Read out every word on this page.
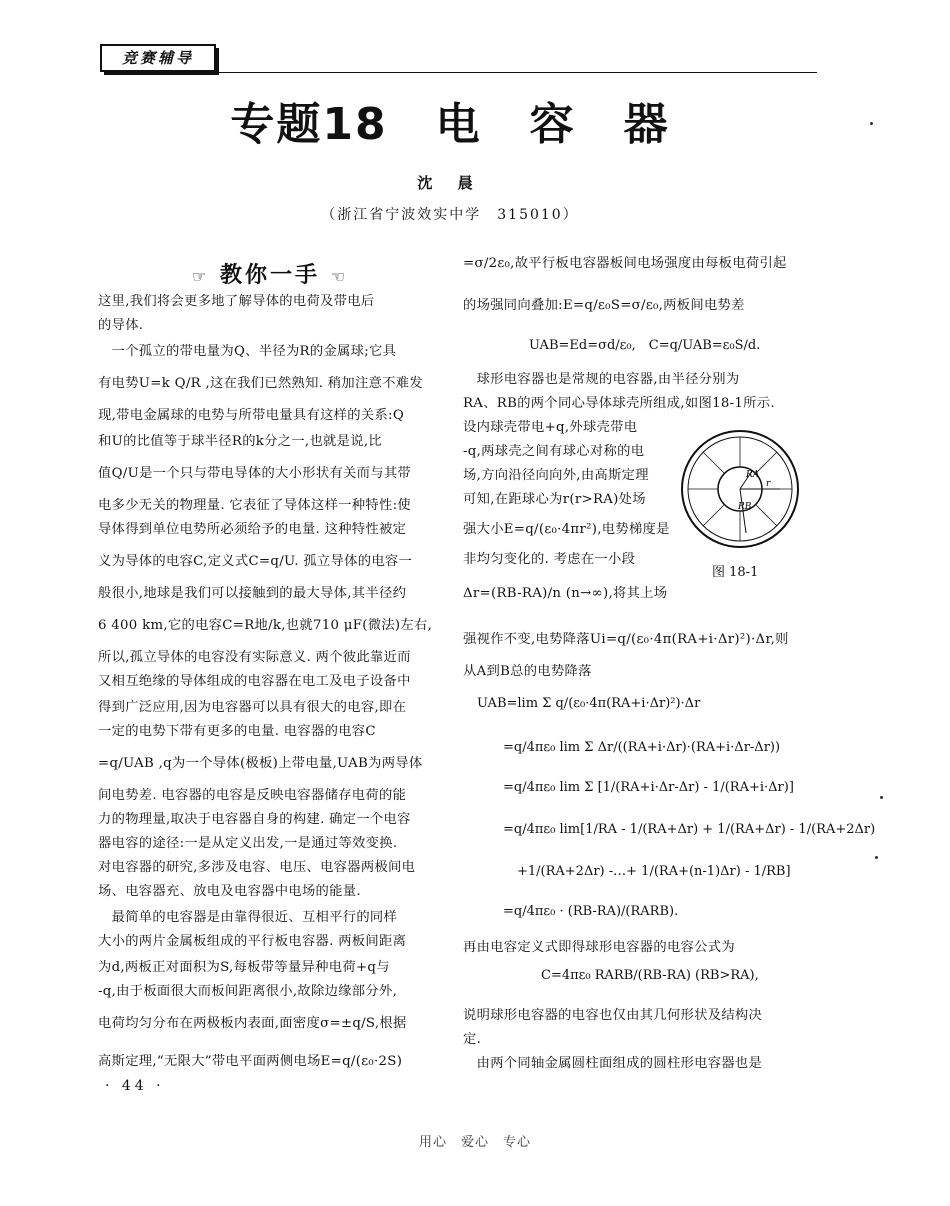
竞赛辅导
专题18 电 容 器
沈 晨
（浙江省宁波效实中学　315010）
☞ 教你一手 ☜
这里,我们将会更多地了解导体的电荷及带电后
的导体.
　一个孤立的带电量为Q、半径为R的金属球;它具
有电势U=k Q/R ,这在我们已然熟知. 稍加注意不难发
现,带电金属球的电势与所带电量具有这样的关系:Q
和U的比值等于球半径R的k分之一,也就是说,比
值Q/U是一个只与带电导体的大小形状有关而与其带
电多少无关的物理量. 它表征了导体这样一种特性:使
导体得到单位电势所必须给予的电量. 这种特性被定
义为导体的电容C,定义式C=q/U. 孤立导体的电容一
般很小,地球是我们可以接触到的最大导体,其半径约
6 400 km,它的电容C=R地/k,也就710 μF(微法)左右,
所以,孤立导体的电容没有实际意义. 两个彼此靠近而
又相互绝缘的导体组成的电容器在电工及电子设备中
得到广泛应用,因为电容器可以具有很大的电容,即在
一定的电势下带有更多的电量. 电容器的电容C
=q/UAB ,q为一个导体(极板)上带电量,UAB为两导体
间电势差. 电容器的电容是反映电容器储存电荷的能
力的物理量,取决于电容器自身的构建. 确定一个电容
器电容的途径:一是从定义出发,一是通过等效变换.
对电容器的研究,多涉及电容、电压、电容器两极间电
场、电容器充、放电及电容器中电场的能量.
　最简单的电容器是由靠得很近、互相平行的同样
大小的两片金属板组成的平行板电容器. 两板间距离
为d,两板正对面积为S,每板带等量异种电荷+q与
-q,由于板面很大而板间距离很小,故除边缘部分外,
电荷均匀分布在两极板内表面,面密度σ=±q/S,根据
高斯定理,“无限大”带电平面两侧电场E=q/(ε₀·2S)
=σ/2ε₀,故平行板电容器板间电场强度由每板电荷引起
的场强同向叠加:E=q/ε₀S=σ/ε₀,两板间电势差
UAB=Ed=σd/ε₀,　C=q/UAB=ε₀S/d.
　球形电容器也是常规的电容器,由半径分别为
RA、RB的两个同心导体球壳所组成,如图18-1所示.
设内球壳带电+q,外球壳带电
-q,两球壳之间有球心对称的电
场,方向沿径向向外,由高斯定理
可知,在距球心为r(r>RA)处场
强大小E=q/(ε₀·4πr²),电势梯度是
非均匀变化的. 考虑在一小段
Δr=(RB-RA)/n (n→∞),将其上场
强视作不变,电势降落Ui=q/(ε₀·4π(RA+i·Δr)²)·Δr,则
从A到B总的电势降落
UAB=lim Σ q/(ε₀·4π(RA+i·Δr)²)·Δr
=q/4πε₀ lim Σ Δr/((RA+i·Δr)·(RA+i·Δr-Δr))
=q/4πε₀ lim Σ [1/(RA+i·Δr-Δr) - 1/(RA+i·Δr)]
=q/4πε₀ lim[1/RA - 1/(RA+Δr) + 1/(RA+Δr) - 1/(RA+2Δr)
+1/(RA+2Δr) -…+ 1/(RA+(n-1)Δr) - 1/RB]
=q/4πε₀ · (RB-RA)/(RARB).
再由电容定义式即得球形电容器的电容公式为
C=4πε₀ RARB/(RB-RA) (RB>RA),
说明球形电容器的电容也仅由其几何形状及结构决
定.
　由两个同轴金属圆柱面组成的圆柱形电容器也是
RA
r
RB
图 18-1
· 44 ·
用心　爱心　专心
